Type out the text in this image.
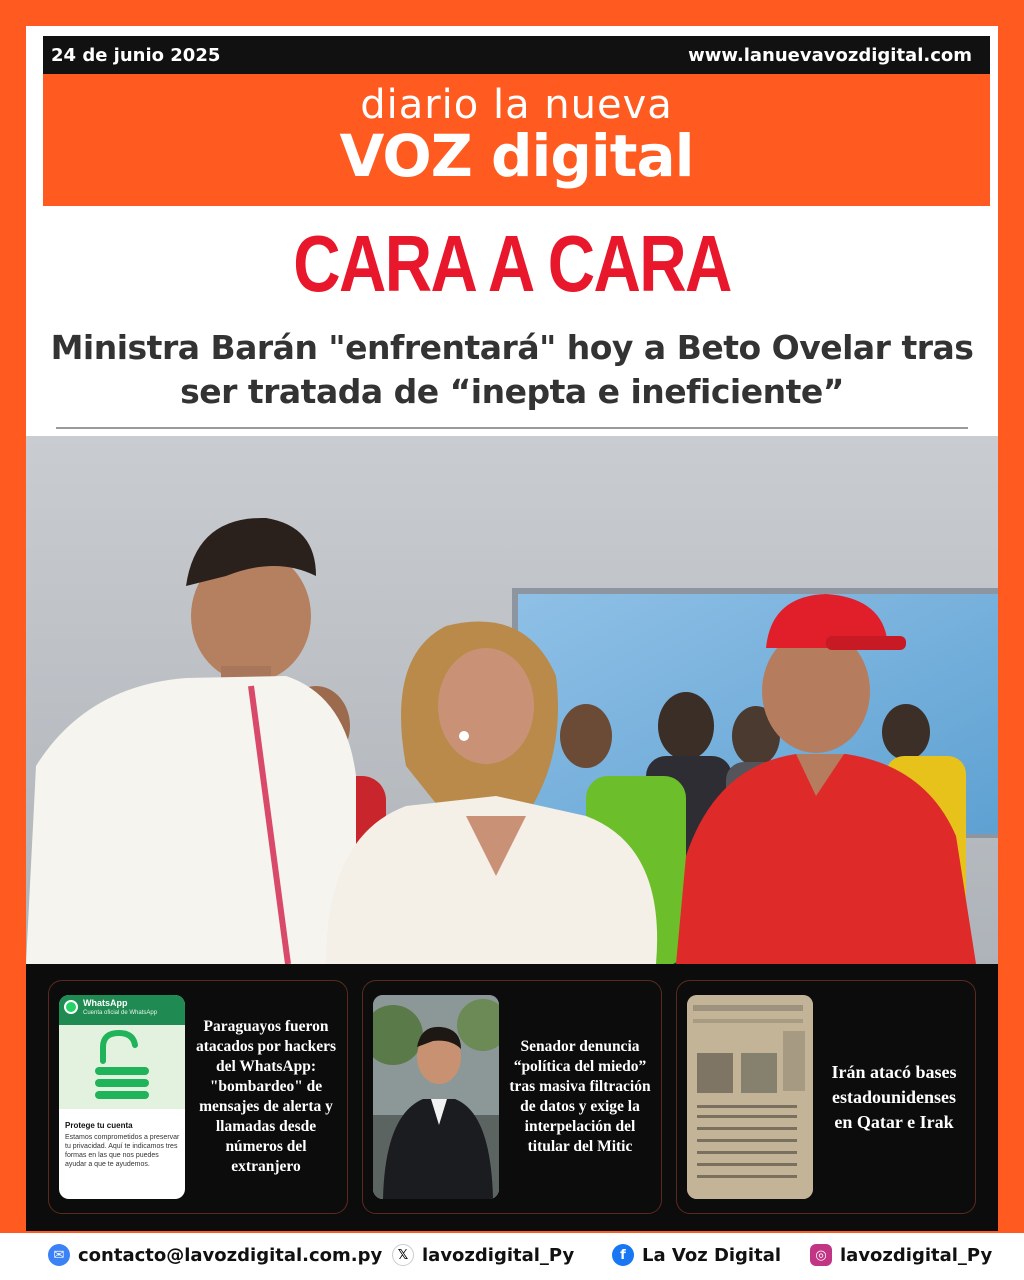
24 de junio 2025	www.lanuevavozdigital.com
diario la nueva
VOZ digital
CARA A CARA
Ministra Barán "enfrentará" hoy a Beto Ovelar tras ser tratada de “inepta e ineficiente”
WhatsApp
Cuenta oficial de WhatsApp
Protege tu cuenta
Estamos comprometidos a preservar tu privacidad. Aquí te indicamos tres formas en las que nos puedes ayudar a que te ayudemos.
Paraguayos fueron atacados por hackers del WhatsApp: "bombardeo" de mensajes de alerta y llamadas desde números del extranjero
Senador denuncia “política del miedo” tras masiva filtración de datos y exige la interpelación del titular del Mitic
Irán atacó bases estadounidenses en Qatar e Irak
✉ contacto@lavozdigital.com.py	𝕏 lavozdigital_Py	f La Voz Digital	◎ lavozdigital_Py
